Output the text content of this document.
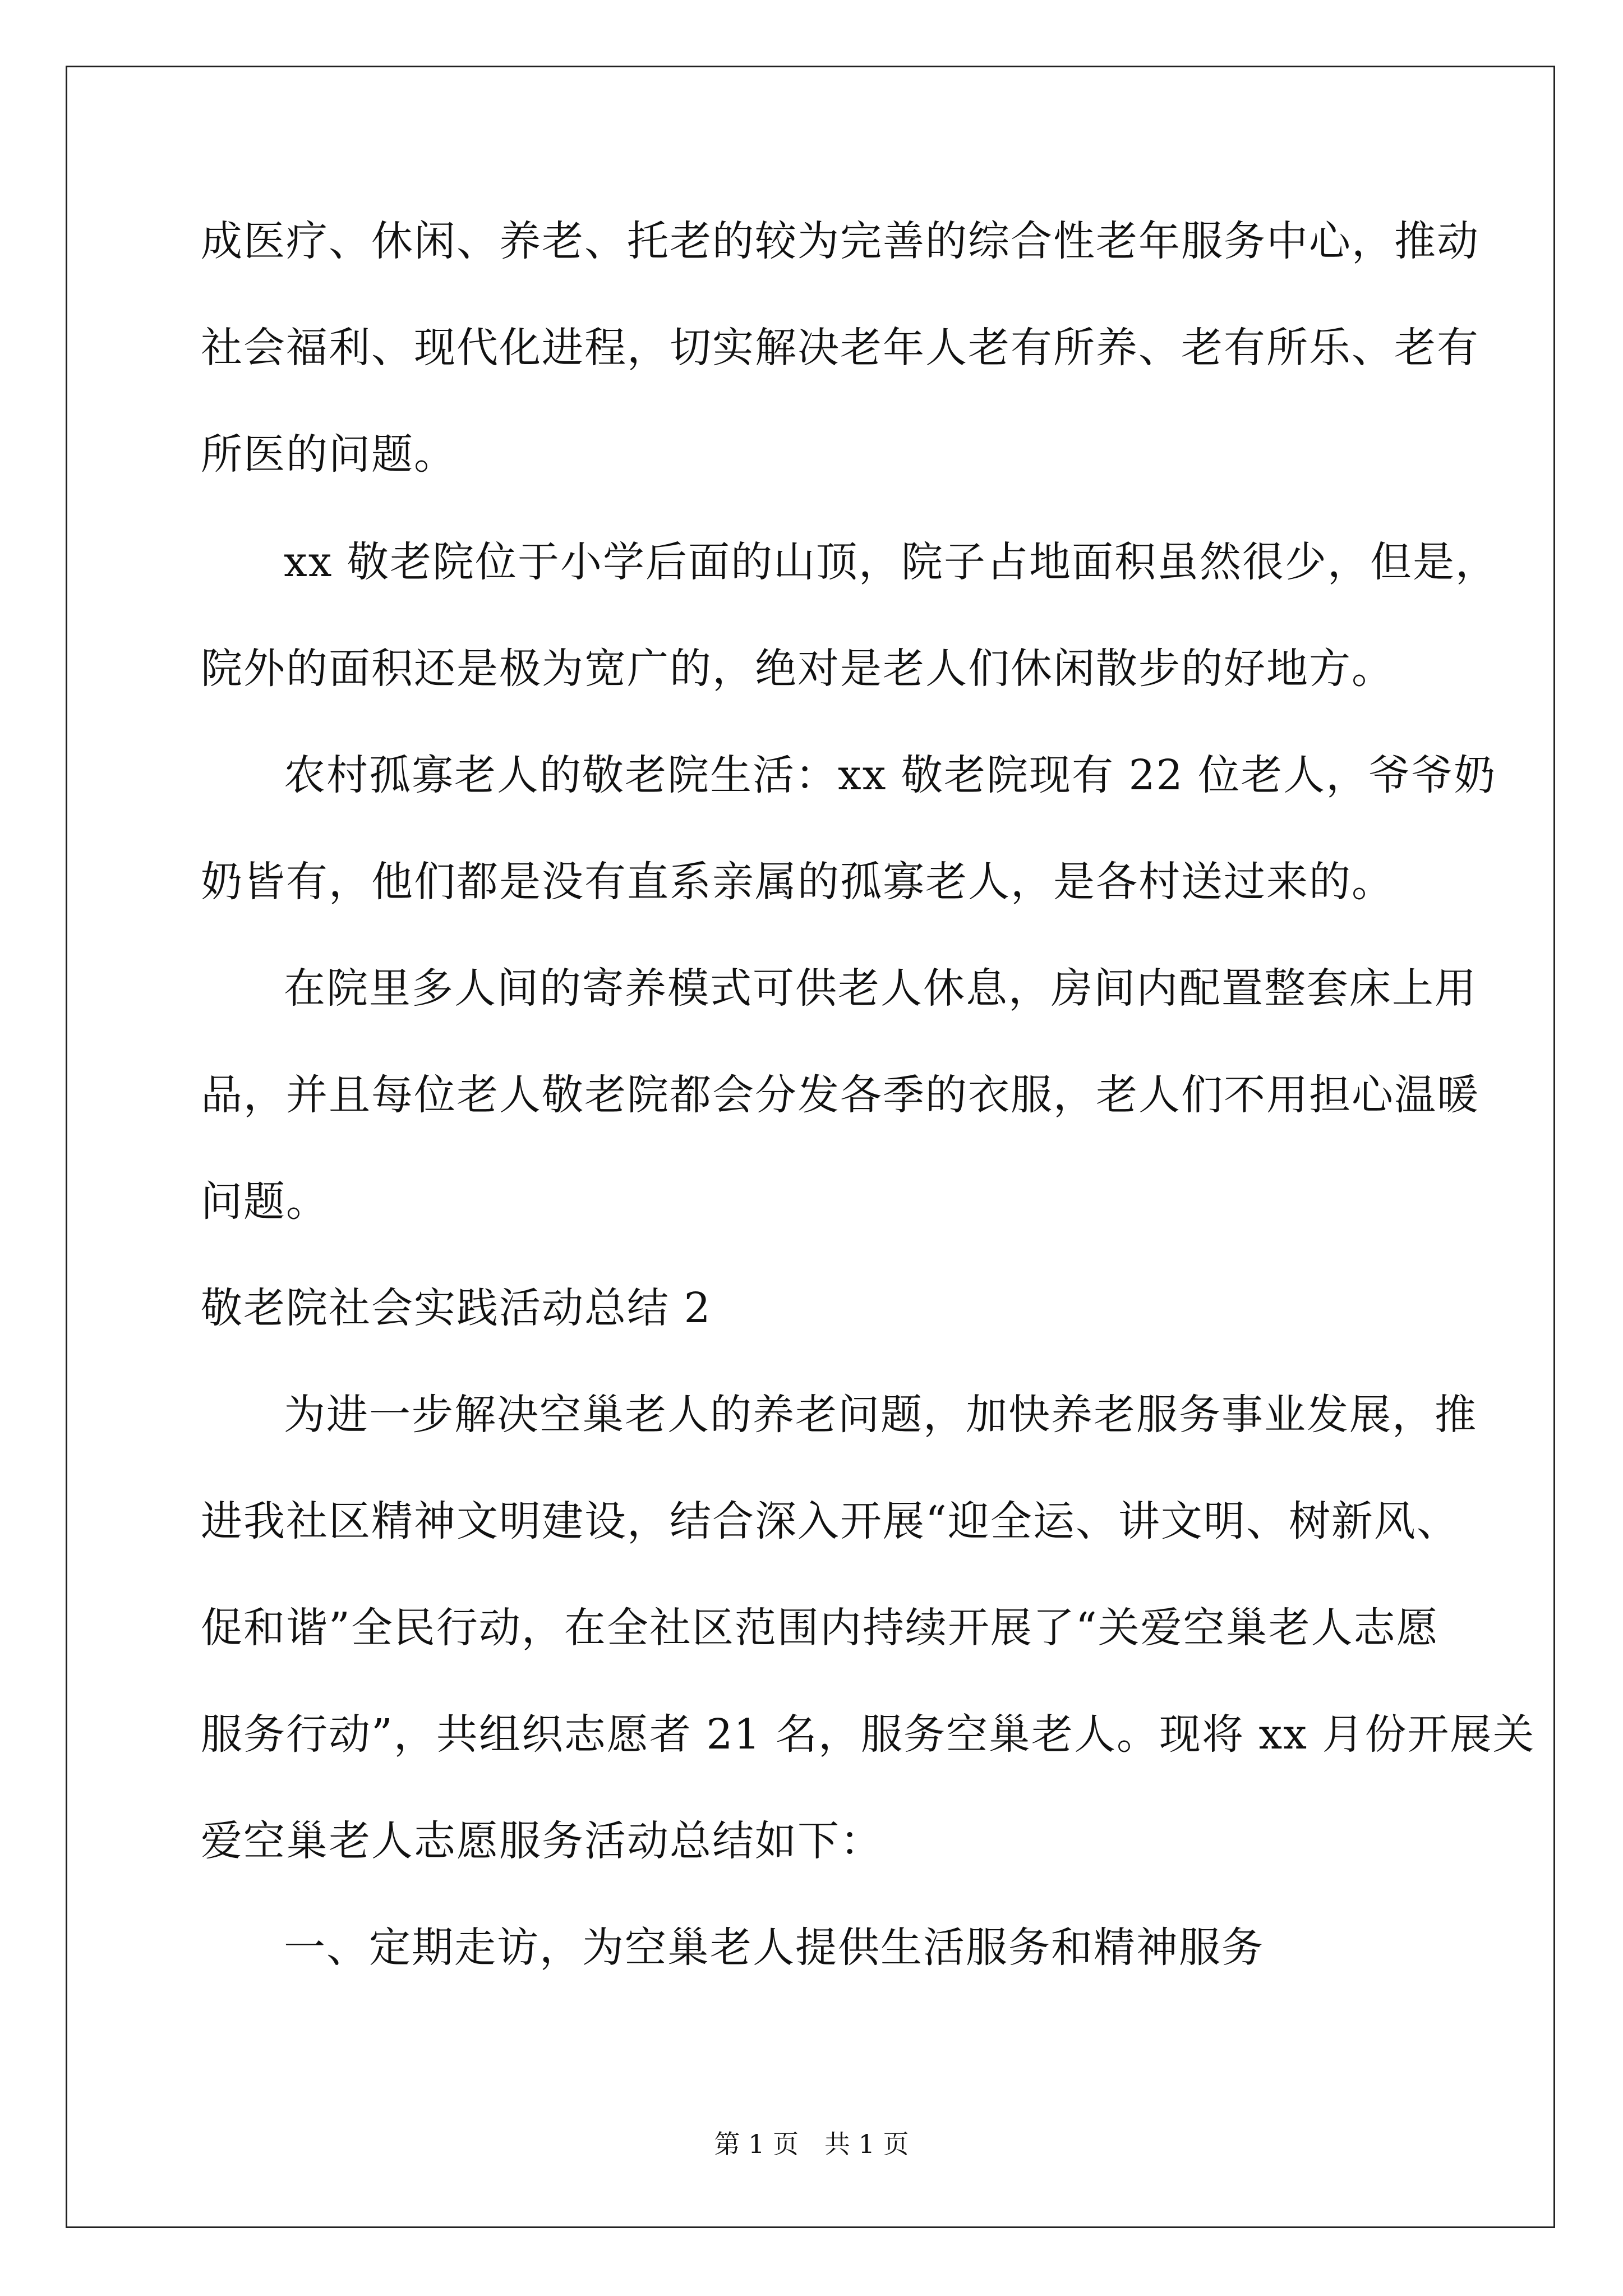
成医疗、休闲、养老、托老的较为完善的综合性老年服务中心，推动
社会福利、现代化进程，切实解决老年人老有所养、老有所乐、老有
所医的问题。
xx 敬老院位于小学后面的山顶，院子占地面积虽然很少，但是，
院外的面积还是极为宽广的，绝对是老人们休闲散步的好地方。
农村孤寡老人的敬老院生活：xx 敬老院现有 22 位老人，爷爷奶
奶皆有，他们都是没有直系亲属的孤寡老人，是各村送过来的。
在院里多人间的寄养模式可供老人休息，房间内配置整套床上用
品，并且每位老人敬老院都会分发各季的衣服，老人们不用担心温暖
问题。
敬老院社会实践活动总结 2
为进一步解决空巢老人的养老问题，加快养老服务事业发展，推
进我社区精神文明建设，结合深入开展“迎全运、讲文明、树新风、
促和谐”全民行动，在全社区范围内持续开展了“关爱空巢老人志愿
服务行动”，共组织志愿者 21 名，服务空巢老人。现将 xx 月份开展关
爱空巢老人志愿服务活动总结如下：
一、定期走访，为空巢老人提供生活服务和精神服务
第 1 页 共 1 页
